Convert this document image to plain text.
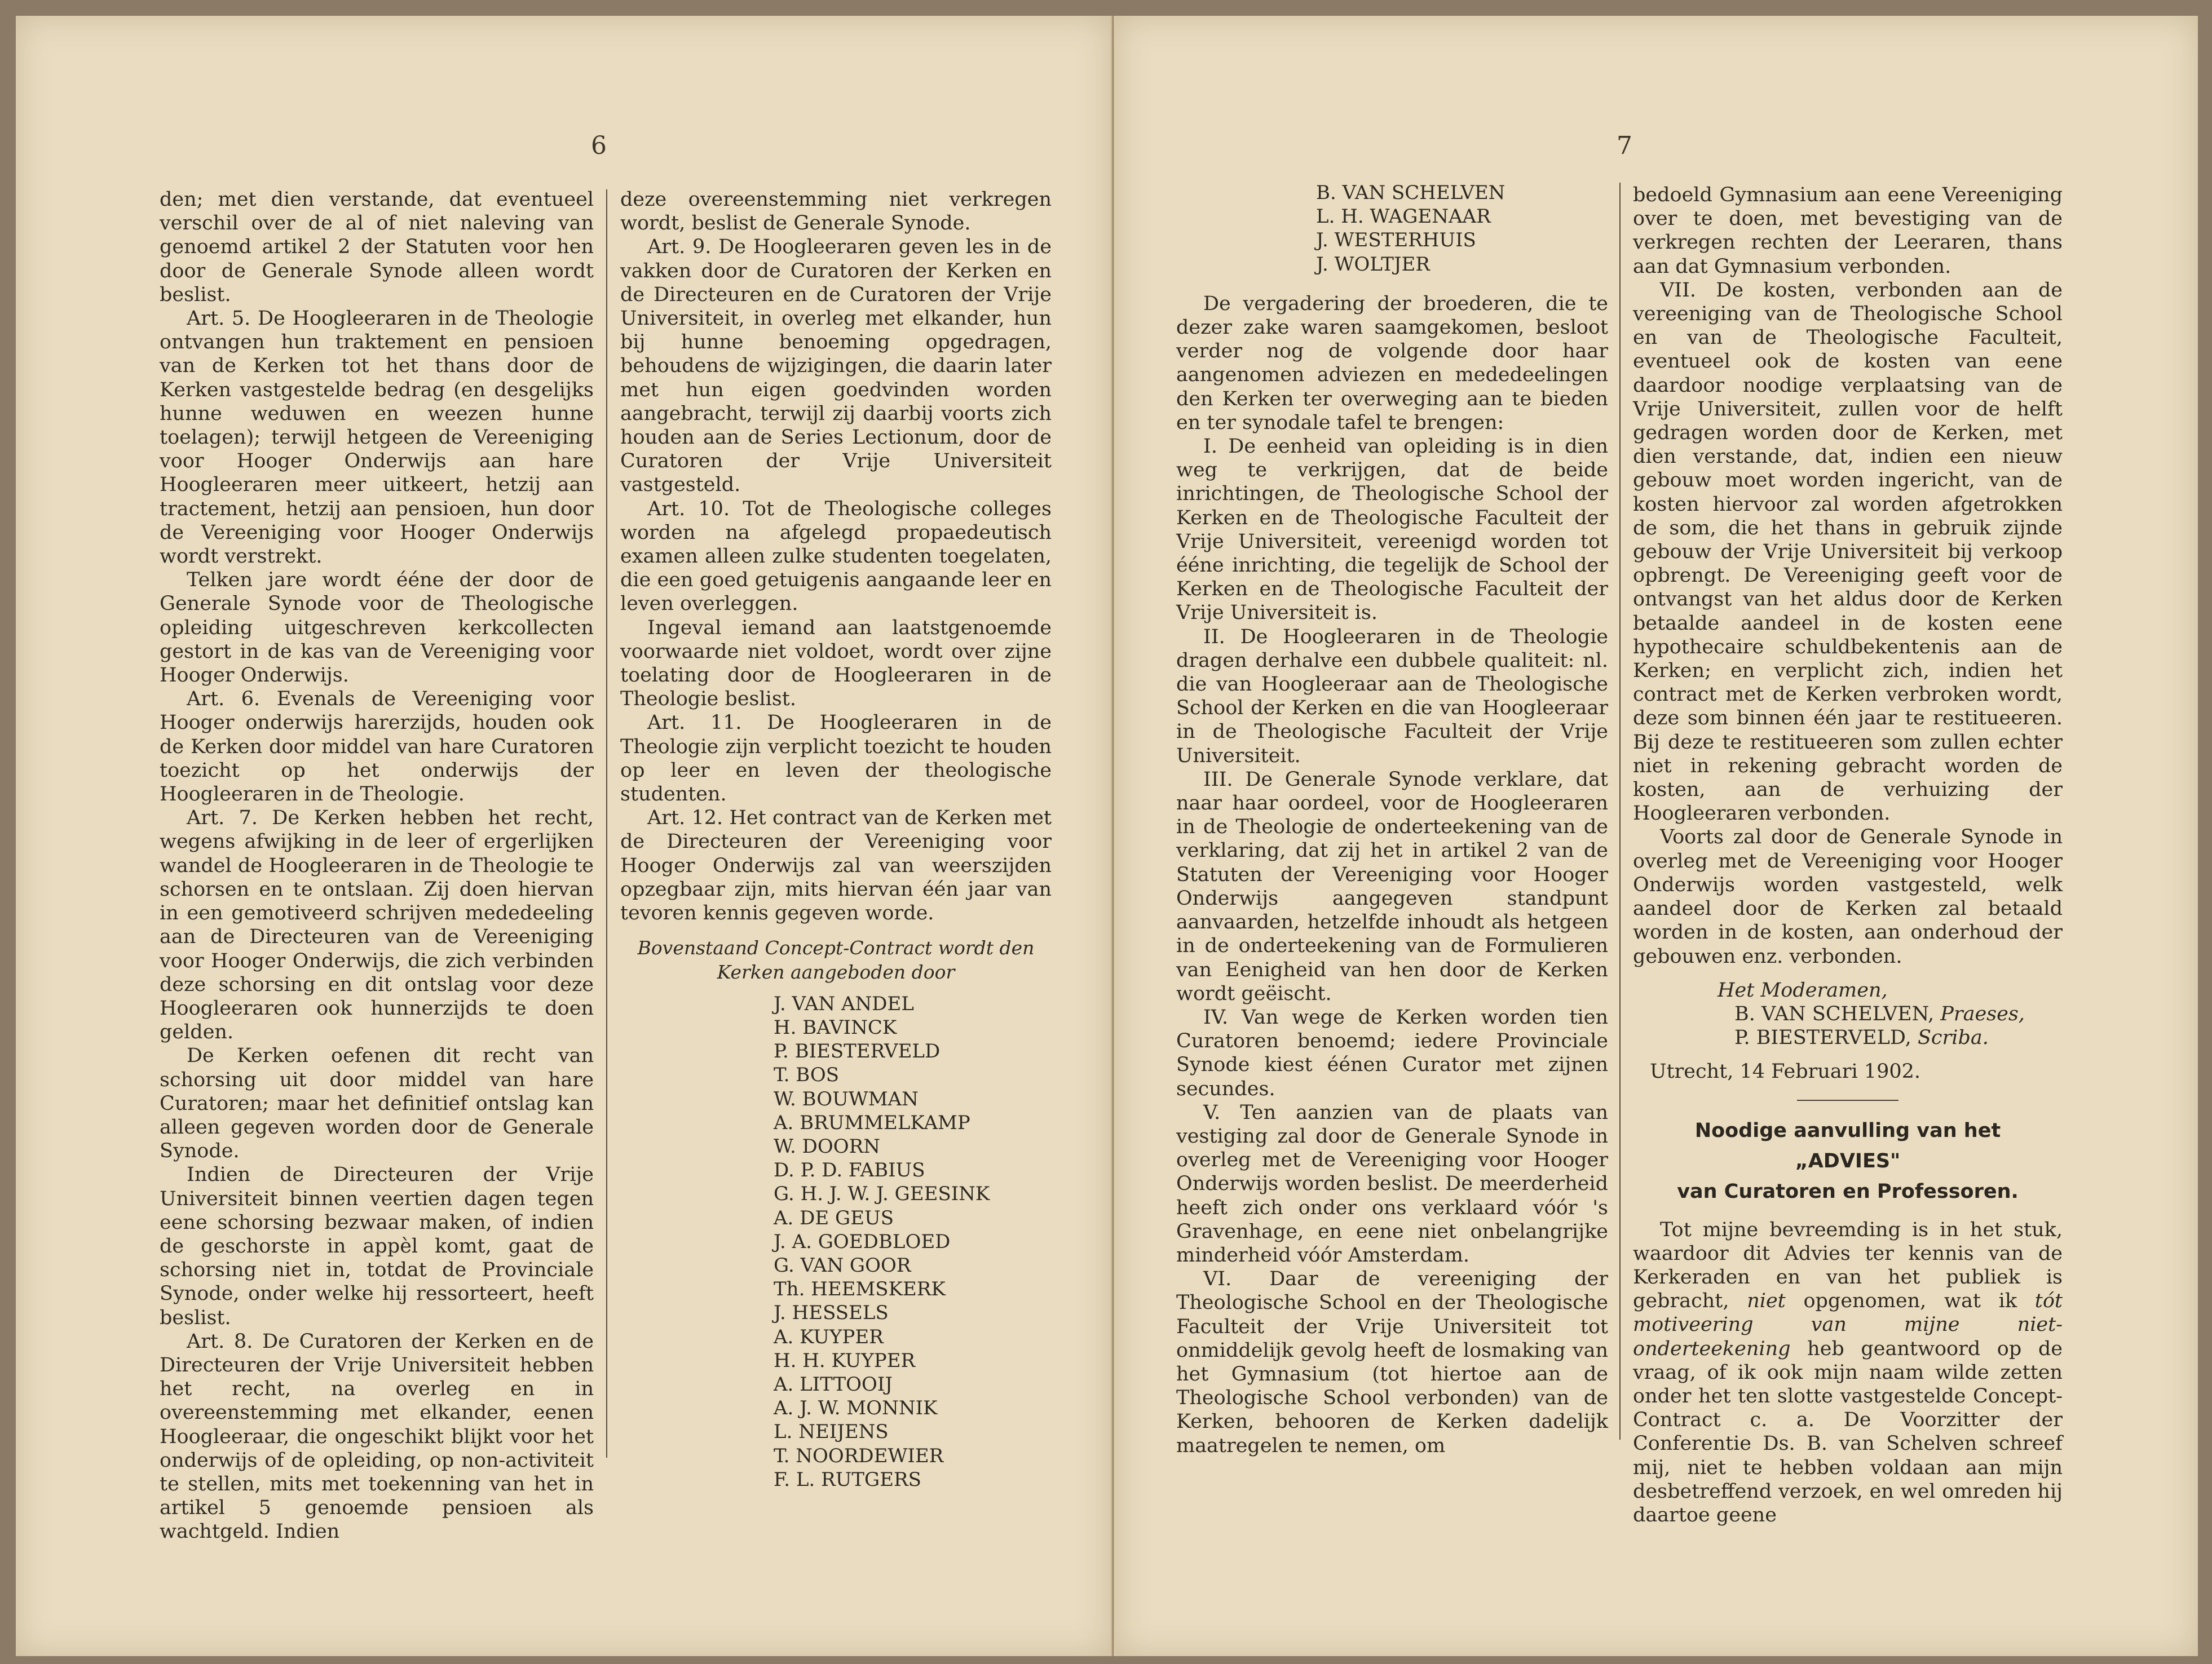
6

den; met dien verstande, dat eventueel verschil over de al of niet naleving van genoemd artikel 2 der Statuten voor hen door de Generale Synode alleen wordt beslist.

Art. 5. De Hoogleeraren in de Theologie ontvangen hun traktement en pensioen van de Kerken tot het thans door de Kerken vastgestelde bedrag (en desgelijks hunne weduwen en weezen hunne toelagen); terwijl hetgeen de Vereeniging voor Hooger Onderwijs aan hare Hoogleeraren meer uitkeert, hetzij aan tractement, hetzij aan pensioen, hun door de Vereeniging voor Hooger Onderwijs wordt verstrekt.

Telken jare wordt ééne der door de Generale Synode voor de Theologische opleiding uitgeschreven kerkcollecten gestort in de kas van de Vereeniging voor Hooger Onderwijs.

Art. 6. Evenals de Vereeniging voor Hooger onderwijs harerzijds, houden ook de Kerken door middel van hare Curatoren toezicht op het onderwijs der Hoogleeraren in de Theologie.

Art. 7. De Kerken hebben het recht, wegens afwijking in de leer of ergerlijken wandel de Hoogleeraren in de Theologie te schorsen en te ontslaan. Zij doen hiervan in een gemotiveerd schrijven mededeeling aan de Directeuren van de Vereeniging voor Hooger Onderwijs, die zich verbinden deze schorsing en dit ontslag voor deze Hoogleeraren ook hunnerzijds te doen gelden.

De Kerken oefenen dit recht van schorsing uit door middel van hare Curatoren; maar het definitief ontslag kan alleen gegeven worden door de Generale Synode.

Indien de Directeuren der Vrije Universiteit binnen veertien dagen tegen eene schorsing bezwaar maken, of indien de geschorste in appèl komt, gaat de schorsing niet in, totdat de Provinciale Synode, onder welke hij ressorteert, heeft beslist.

Art. 8. De Curatoren der Kerken en de Directeuren der Vrije Universiteit hebben het recht, na overleg en in overeenstemming met elkander, eenen Hoogleeraar, die ongeschikt blijkt voor het onderwijs of de opleiding, op non-activiteit te stellen, mits met toekenning van het in artikel 5 genoemde pensioen als wachtgeld. Indien

deze overeenstemming niet verkregen wordt, beslist de Generale Synode.

Art. 9. De Hoogleeraren geven les in de vakken door de Curatoren der Kerken en de Directeuren en de Curatoren der Vrije Universiteit, in overleg met elkander, hun bij hunne benoeming opgedragen, behoudens de wijzigingen, die daarin later met hun eigen goedvinden worden aangebracht, terwijl zij daarbij voorts zich houden aan de Series Lectionum, door de Curatoren der Vrije Universiteit vastgesteld.

Art. 10. Tot de Theologische colleges worden na afgelegd propaedeutisch examen alleen zulke studenten toegelaten, die een goed getuigenis aangaande leer en leven overleggen.

Ingeval iemand aan laatstgenoemde voorwaarde niet voldoet, wordt over zijne toelating door de Hoogleeraren in de Theologie beslist.

Art. 11. De Hoogleeraren in de Theologie zijn verplicht toezicht te houden op leer en leven der theologische studenten.

Art. 12. Het contract van de Kerken met de Directeuren der Vereeniging voor Hooger Onderwijs zal van weerszijden opzegbaar zijn, mits hiervan één jaar van tevoren kennis gegeven worde.

Bovenstaand Concept-Contract wordt den

Kerken aangeboden door

J. VAN ANDEL
H. BAVINCK
P. BIESTERVELD
T. BOS
W. BOUWMAN
A. BRUMMELKAMP
W. DOORN
D. P. D. FABIUS
G. H. J. W. J. GEESINK
A. DE GEUS
J. A. GOEDBLOED
G. VAN GOOR
Th. HEEMSKERK
J. HESSELS
A. KUYPER
H. H. KUYPER
A. LITTOOIJ
A. J. W. MONNIK
L. NEIJENS
T. NOORDEWIER
F. L. RUTGERS
7
B. VAN SCHELVEN
L. H. WAGENAAR
J. WESTERHUIS
J. WOLTJER

De vergadering der broederen, die te dezer zake waren saamgekomen, besloot verder nog de volgende door haar aangenomen adviezen en mededeelingen den Kerken ter overweging aan te bieden en ter synodale tafel te brengen:

I. De eenheid van opleiding is in dien weg te verkrijgen, dat de beide inrichtingen, de Theologische School der Kerken en de Theologische Faculteit der Vrije Universiteit, vereenigd worden tot ééne inrichting, die tegelijk de School der Kerken en de Theologische Faculteit der Vrije Universiteit is.

II. De Hoogleeraren in de Theologie dragen derhalve een dubbele qualiteit: nl. die van Hoogleeraar aan de Theologische School der Kerken en die van Hoogleeraar in de Theologische Faculteit der Vrije Universiteit.

III. De Generale Synode verklare, dat naar haar oordeel, voor de Hoogleeraren in de Theologie de onderteekening van de verklaring, dat zij het in artikel 2 van de Statuten der Vereeniging voor Hooger Onderwijs aangegeven standpunt aanvaarden, hetzelfde inhoudt als hetgeen in de onderteekening van de Formulieren van Eenigheid van hen door de Kerken wordt geëischt.

IV. Van wege de Kerken worden tien Curatoren benoemd; iedere Provinciale Synode kiest éénen Curator met zijnen secundes.

V. Ten aanzien van de plaats van vestiging zal door de Generale Synode in overleg met de Vereeniging voor Hooger Onderwijs worden beslist. De meerderheid heeft zich onder ons verklaard vóór 's Gravenhage, en eene niet onbelangrijke minderheid vóór Amsterdam.

VI. Daar de vereeniging der Theologische School en der Theologische Faculteit der Vrije Universiteit tot onmiddelijk gevolg heeft de losmaking van het Gymnasium (tot hiertoe aan de Theologische School verbonden) van de Kerken, behooren de Kerken dadelijk maatregelen te nemen, om

bedoeld Gymnasium aan eene Vereeniging over te doen, met bevestiging van de verkregen rechten der Leeraren, thans aan dat Gymnasium verbonden.

VII. De kosten, verbonden aan de vereeniging van de Theologische School en van de Theologische Faculteit, eventueel ook de kosten van eene daardoor noodige verplaatsing van de Vrije Universiteit, zullen voor de helft gedragen worden door de Kerken, met dien verstande, dat, indien een nieuw gebouw moet worden ingericht, van de kosten hiervoor zal worden afgetrokken de som, die het thans in gebruik zijnde gebouw der Vrije Universiteit bij verkoop opbrengt. De Vereeniging geeft voor de ontvangst van het aldus door de Kerken betaalde aandeel in de kosten eene hypothecaire schuldbekentenis aan de Kerken; en verplicht zich, indien het contract met de Kerken verbroken wordt, deze som binnen één jaar te restitueeren. Bij deze te restitueeren som zullen echter niet in rekening gebracht worden de kosten, aan de verhuizing der Hoogleeraren verbonden.

Voorts zal door de Generale Synode in overleg met de Vereeniging voor Hooger Onderwijs worden vastgesteld, welk aandeel door de Kerken zal betaald worden in de kosten, aan onderhoud der gebouwen enz. verbonden.

Het Moderamen,

B. VAN SCHELVEN, Praeses,

P. BIESTERVELD, Scriba.

Utrecht, 14 Februari 1902.

Noodige aanvulling van het
„ADVIES"
van Curatoren en Professoren.

Tot mijne bevreemding is in het stuk, waardoor dit Advies ter kennis van de Kerkeraden en van het publiek is gebracht, niet opgenomen, wat ik tót motiveering van mijne niet-onderteekening heb geantwoord op de vraag, of ik ook mijn naam wilde zetten onder het ten slotte vastgestelde Concept-Contract c. a. De Voorzitter der Conferentie Ds. B. van Schelven schreef mij, niet te hebben voldaan aan mijn desbetreffend verzoek, en wel omreden hij daartoe geene
